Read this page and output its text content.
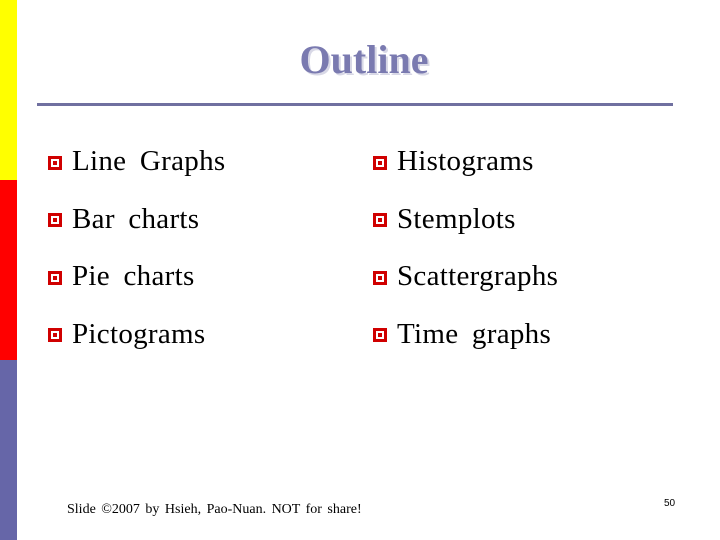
Outline
Line Graphs
Bar charts
Pie charts
Pictograms
Histograms
Stemplots
Scattergraphs
Time graphs
Slide ©2007 by Hsieh, Pao-Nuan. NOT for share!	50
